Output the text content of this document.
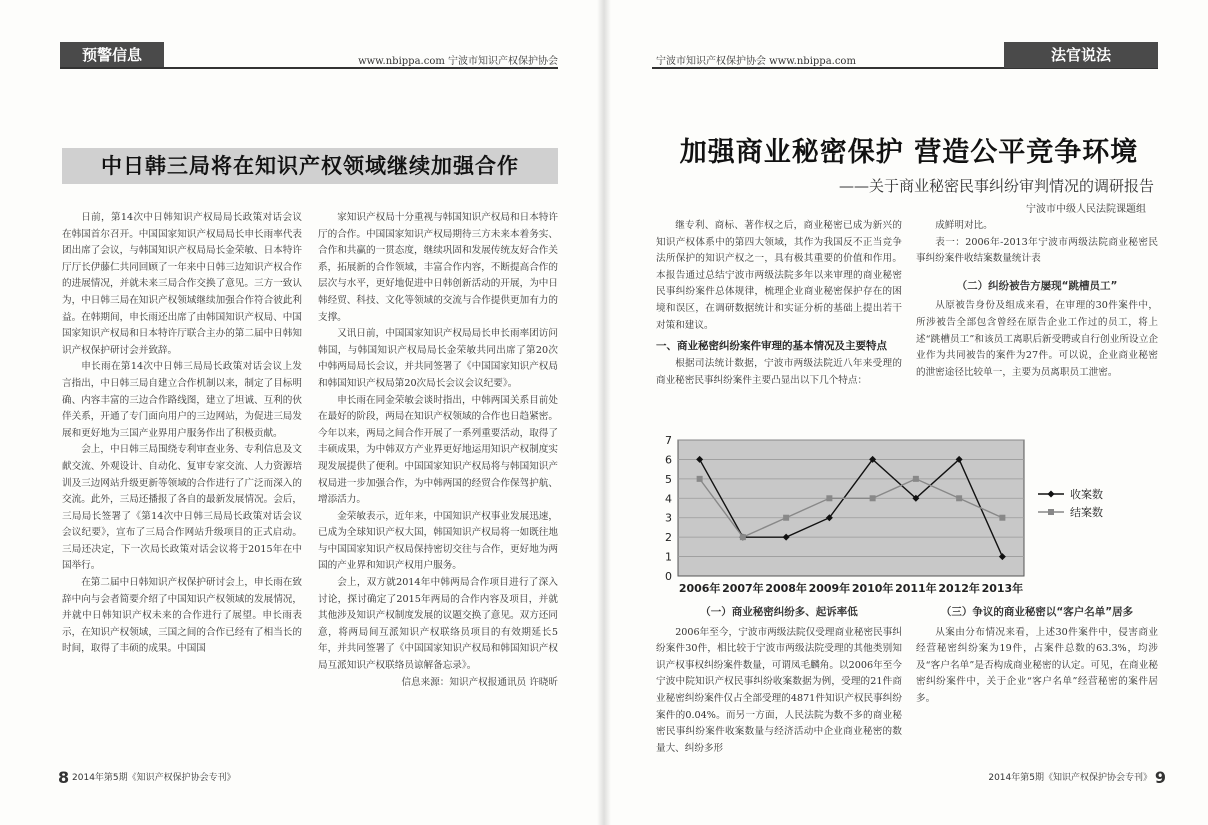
预警信息	www.nbippa.com 宁波市知识产权保护协会
中日韩三局将在知识产权领域继续加强合作

日前，第14次中日韩知识产权局局长政策对话会议在韩国首尔召开。中国国家知识产权局局长申长雨率代表团出席了会议，与韩国知识产权局局长金荣敏、日本特许厅厅长伊藤仁共同回顾了一年来中日韩三边知识产权合作的进展情况，并就未来三局合作交换了意见。三方一致认为，中日韩三局在知识产权领域继续加强合作符合彼此利益。在韩期间，申长雨还出席了由韩国知识产权局、中国国家知识产权局和日本特许厅联合主办的第二届中日韩知识产权保护研讨会并致辞。

申长雨在第14次中日韩三局局长政策对话会议上发言指出，中日韩三局自建立合作机制以来，制定了目标明确、内容丰富的三边合作路线图，建立了坦诚、互利的伙伴关系，开通了专门面向用户的三边网站，为促进三局发展和更好地为三国产业界用户服务作出了积极贡献。

会上，中日韩三局围绕专利审查业务、专利信息及文献交流、外观设计、自动化、复审专家交流、人力资源培训及三边网站升级更新等领域的合作进行了广泛而深入的交流。此外，三局还播报了各自的最新发展情况。会后，三局局长签署了《第14次中日韩三局局长政策对话会议会议纪要》，宣布了三局合作网站升级项目的正式启动。三局还决定，下一次局长政策对话会议将于2015年在中国举行。

在第二届中日韩知识产权保护研讨会上，申长雨在致辞中向与会者简要介绍了中国知识产权领域的发展情况，并就中日韩知识产权未来的合作进行了展望。申长雨表示，在知识产权领域，三国之间的合作已经有了相当长的时间，取得了丰硕的成果。中国国

家知识产权局十分重视与韩国知识产权局和日本特许厅的合作。中国国家知识产权局期待三方未来本着务实、合作和共赢的一贯态度，继续巩固和发展传统友好合作关系，拓展新的合作领域，丰富合作内容，不断提高合作的层次与水平，更好地促进中日韩创新活动的开展，为中日韩经贸、科技、文化等领域的交流与合作提供更加有力的支撑。

又讯日前，中国国家知识产权局局长申长雨率团访问韩国，与韩国知识产权局局长金荣敏共同出席了第20次中韩两局局长会议，并共同签署了《中国国家知识产权局和韩国知识产权局第20次局长会议会议纪要》。

申长雨在同金荣敏会谈时指出，中韩两国关系目前处在最好的阶段，两局在知识产权领域的合作也日趋紧密。今年以来，两局之间合作开展了一系列重要活动，取得了丰硕成果，为中韩双方产业界更好地运用知识产权制度实现发展提供了便利。中国国家知识产权局将与韩国知识产权局进一步加强合作，为中韩两国的经贸合作保驾护航、增添活力。

金荣敏表示，近年来，中国知识产权事业发展迅速，已成为全球知识产权大国，韩国知识产权局将一如既往地与中国国家知识产权局保持密切交往与合作，更好地为两国的产业界和知识产权用户服务。

会上，双方就2014年中韩两局合作项目进行了深入讨论，探讨确定了2015年两局的合作内容及项目，并就其他涉及知识产权制度发展的议题交换了意见。双方还同意，将两局间互派知识产权联络员项目的有效期延长5年，并共同签署了《中国国家知识产权局和韩国知识产权局互派知识产权联络员谅解备忘录》。

信息来源：知识产权报通讯员 许晓昕

8 2014年第5期《知识产权保护协会专刊》
宁波市知识产权保护协会 www.nbippa.com	法官说法
加强商业秘密保护 营造公平竞争环境
——关于商业秘密民事纠纷审判情况的调研报告
宁波市中级人民法院课题组

继专利、商标、著作权之后，商业秘密已成为新兴的知识产权体系中的第四大领域，其作为我国反不正当竞争法所保护的知识产权之一，具有极其重要的价值和作用。本报告通过总结宁波市两级法院多年以来审理的商业秘密民事纠纷案件总体规律，梳理企业商业秘密保护存在的困境和误区，在调研数据统计和实证分析的基础上提出若干对策和建议。

一、商业秘密纠纷案件审理的基本情况及主要特点

根据司法统计数据，宁波市两级法院近八年来受理的商业秘密民事纠纷案件主要凸显出以下几个特点：

成鲜明对比。

表一：2006年-2013年宁波市两级法院商业秘密民事纠纷案件收结案数量统计表

（二）纠纷被告方屡现“跳槽员工”

从原被告身份及组成来看，在审理的30件案件中，所涉被告全部包含曾经在原告企业工作过的员工，将上述“跳槽员工”和该员工离职后新受聘或自行创业所设立企业作为共同被告的案件为27件。可以说，企业商业秘密的泄密途径比较单一，主要为员离职员工泄密。

0
1
2
3
4
5
6
7
2006年 2007年 2008年 2009年 2010年 2011年 2012年 2013年
收案数
结案数

（一）商业秘密纠纷多、起诉率低

2006年至今，宁波市两级法院仅受理商业秘密民事纠纷案件30件，相比较于宁波市两级法院受理的其他类别知识产权事权纠纷案件数量，可谓凤毛麟角。以2006年至今宁波中院知识产权民事纠纷收案数据为例，受理的21件商业秘密纠纷案件仅占全部受理的4871件知识产权民事纠纷案件的0.04%。而另一方面，人民法院为数不多的商业秘密民事纠纷案件收案数量与经济活动中企业商业秘密的数量大、纠纷多形

（三）争议的商业秘密以“客户名单”居多

从案由分布情况来看，上述30件案件中，侵害商业经营秘密纠纷案为19件，占案件总数的63.3%，均涉及“客户名单”是否构成商业秘密的认定。可见，在商业秘密纠纷案件中，关于企业“客户名单”经营秘密的案件居多。

2014年第5期《知识产权保护协会专刊》 9
